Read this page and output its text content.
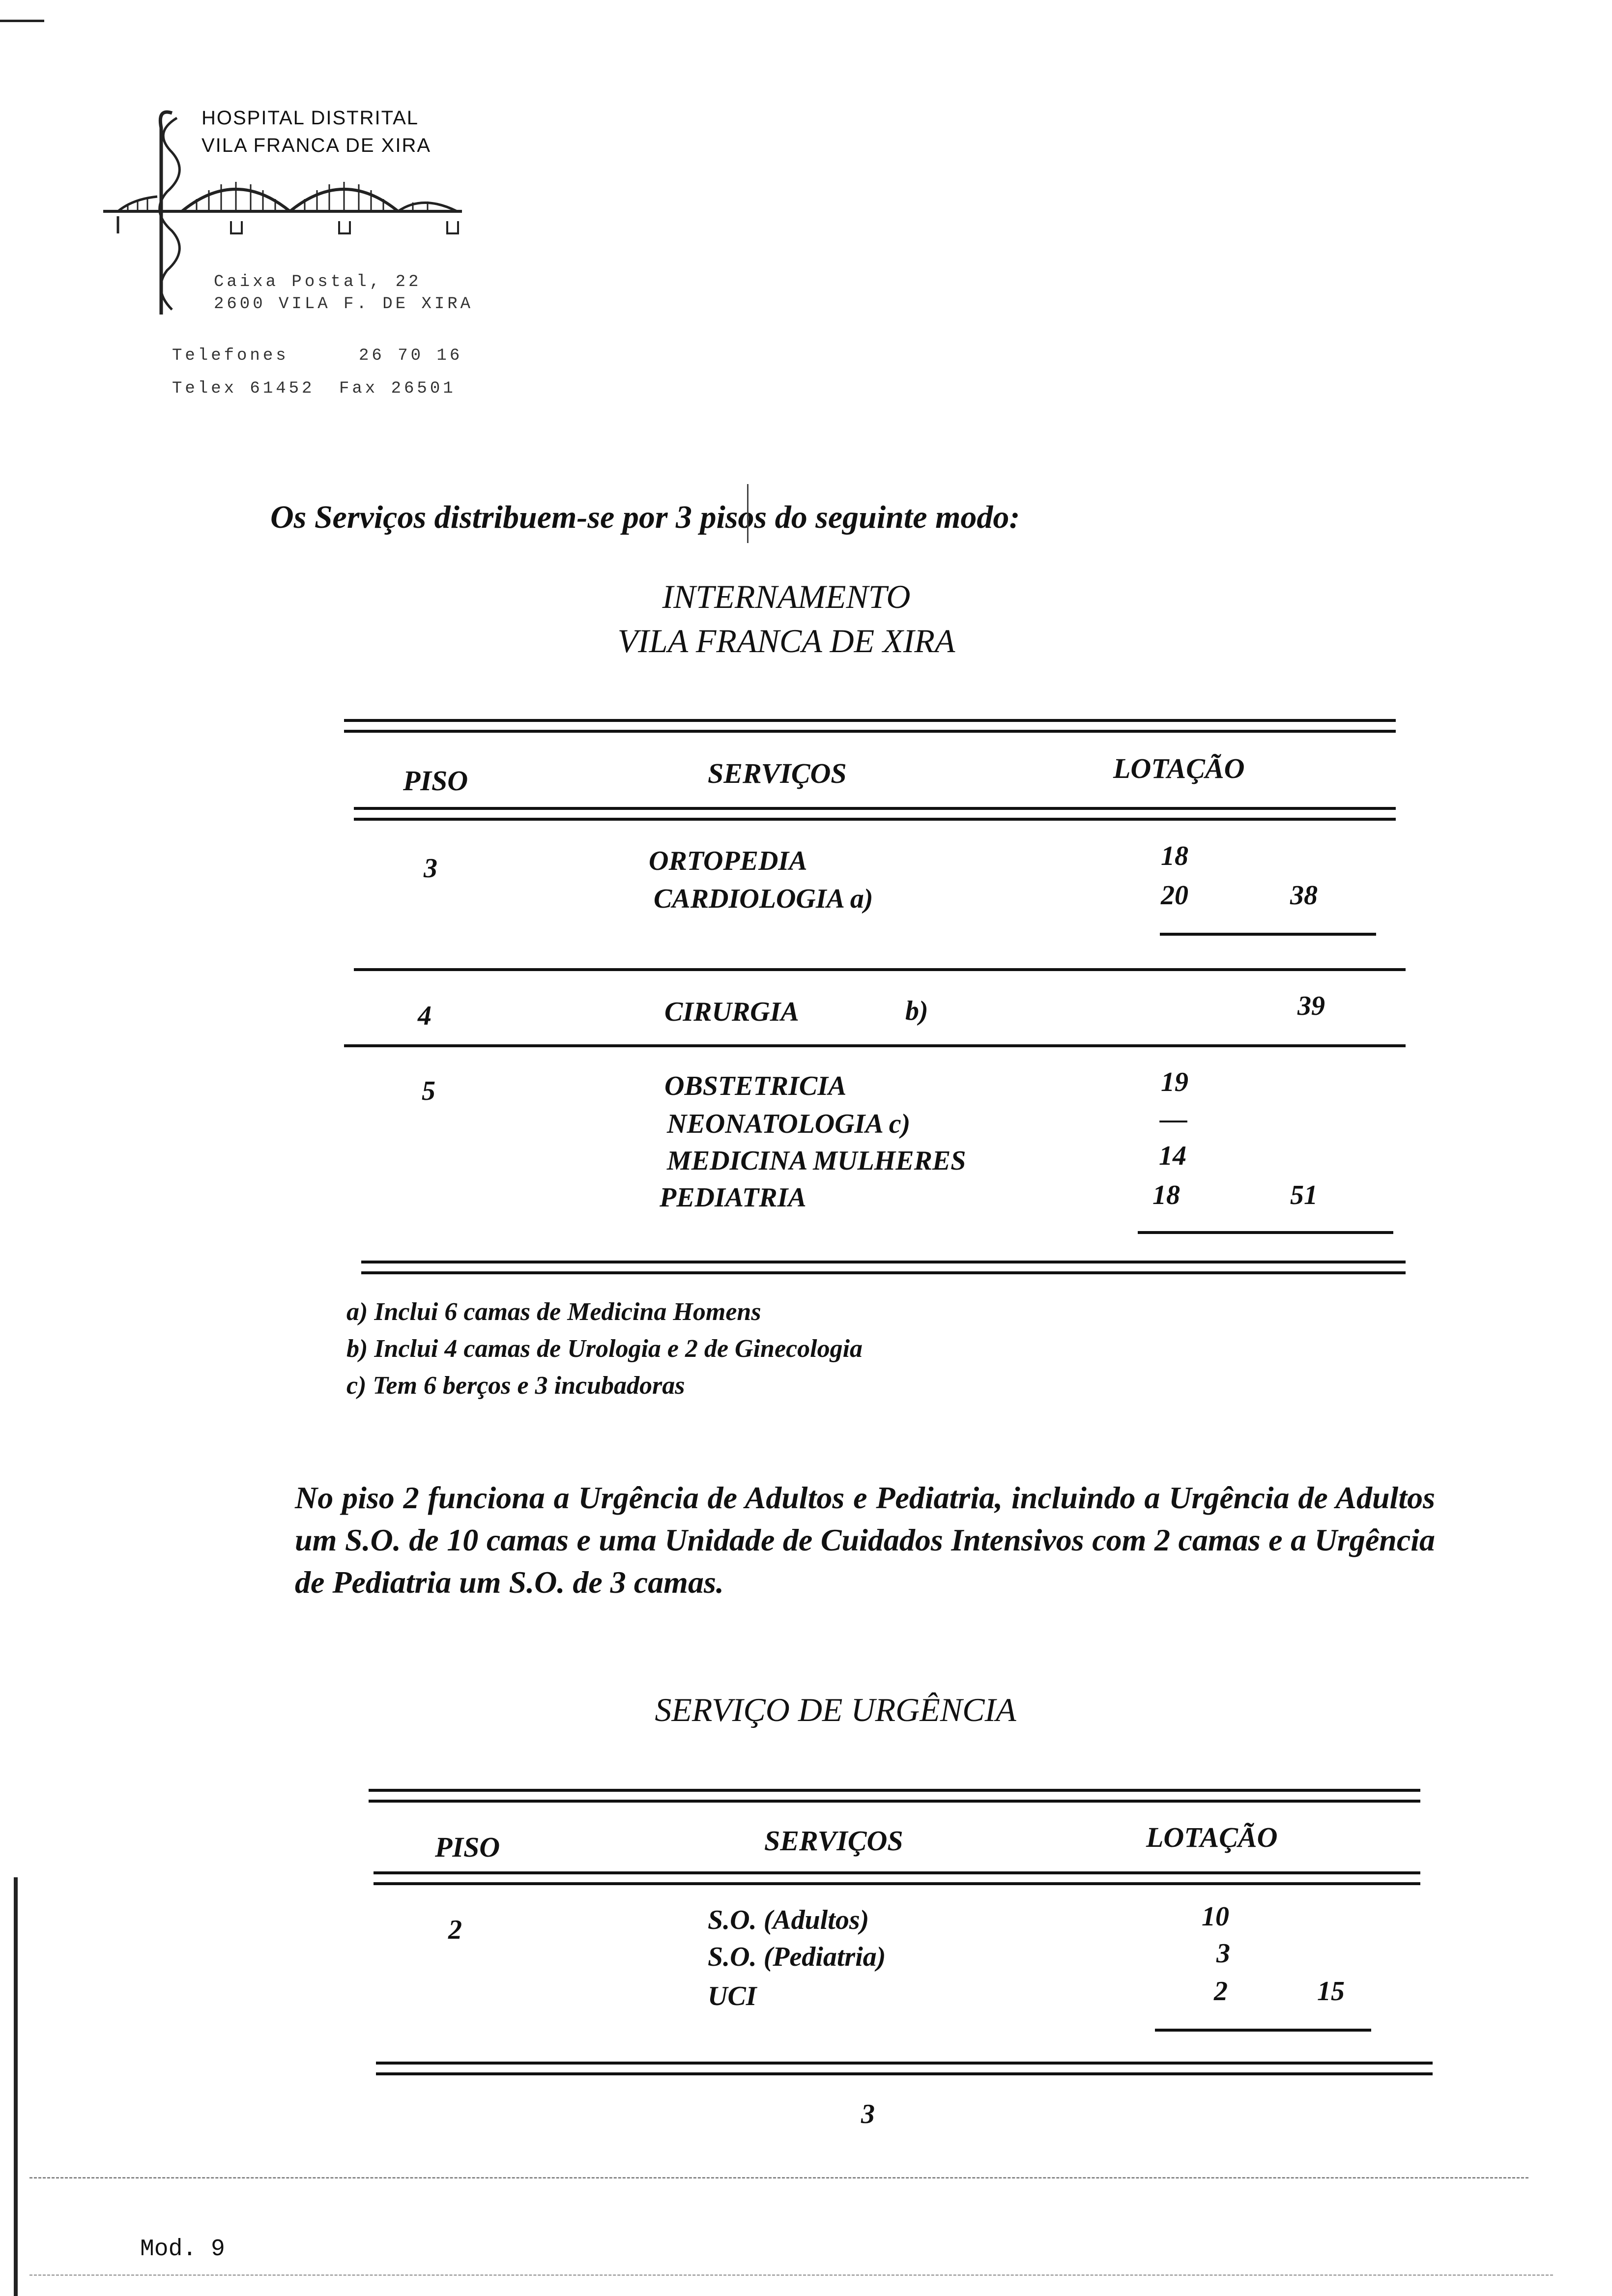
HOSPITAL DISTRITAL
VILA FRANCA DE XIRA
Caixa Postal, 22
2600 VILA F. DE XIRA
Telefones	26 70 16
Telex 61452 Fax 26501
Os Serviços distribuem-se por 3 pisos do seguinte modo:
INTERNAMENTO
VILA FRANCA DE XIRA
PISO	SERVIÇOS	LOTAÇÃO
3	ORTOPEDIA	18
CARDIOLOGIA a)	20	38
4	CIRURGIA	b)	39
5	OBSTETRICIA	19
NEONATOLOGIA c)	—
MEDICINA MULHERES	14
PEDIATRIA	18	51
a) Inclui 6 camas de Medicina Homens
b) Inclui 4 camas de Urologia e 2 de Ginecologia
c) Tem 6 berços e 3 incubadoras
No piso 2 funciona a Urgência de Adultos e Pediatria, incluindo a Urgência de Adultos um S.O. de 10 camas e uma Unidade de Cuidados Intensivos com 2 camas e a Urgência de Pediatria um S.O. de 3 camas.
SERVIÇO DE URGÊNCIA
PISO	SERVIÇOS	LOTAÇÃO
2	S.O. (Adultos)	10
S.O. (Pediatria)	3
UCI	2	15
3
Mod. 9
